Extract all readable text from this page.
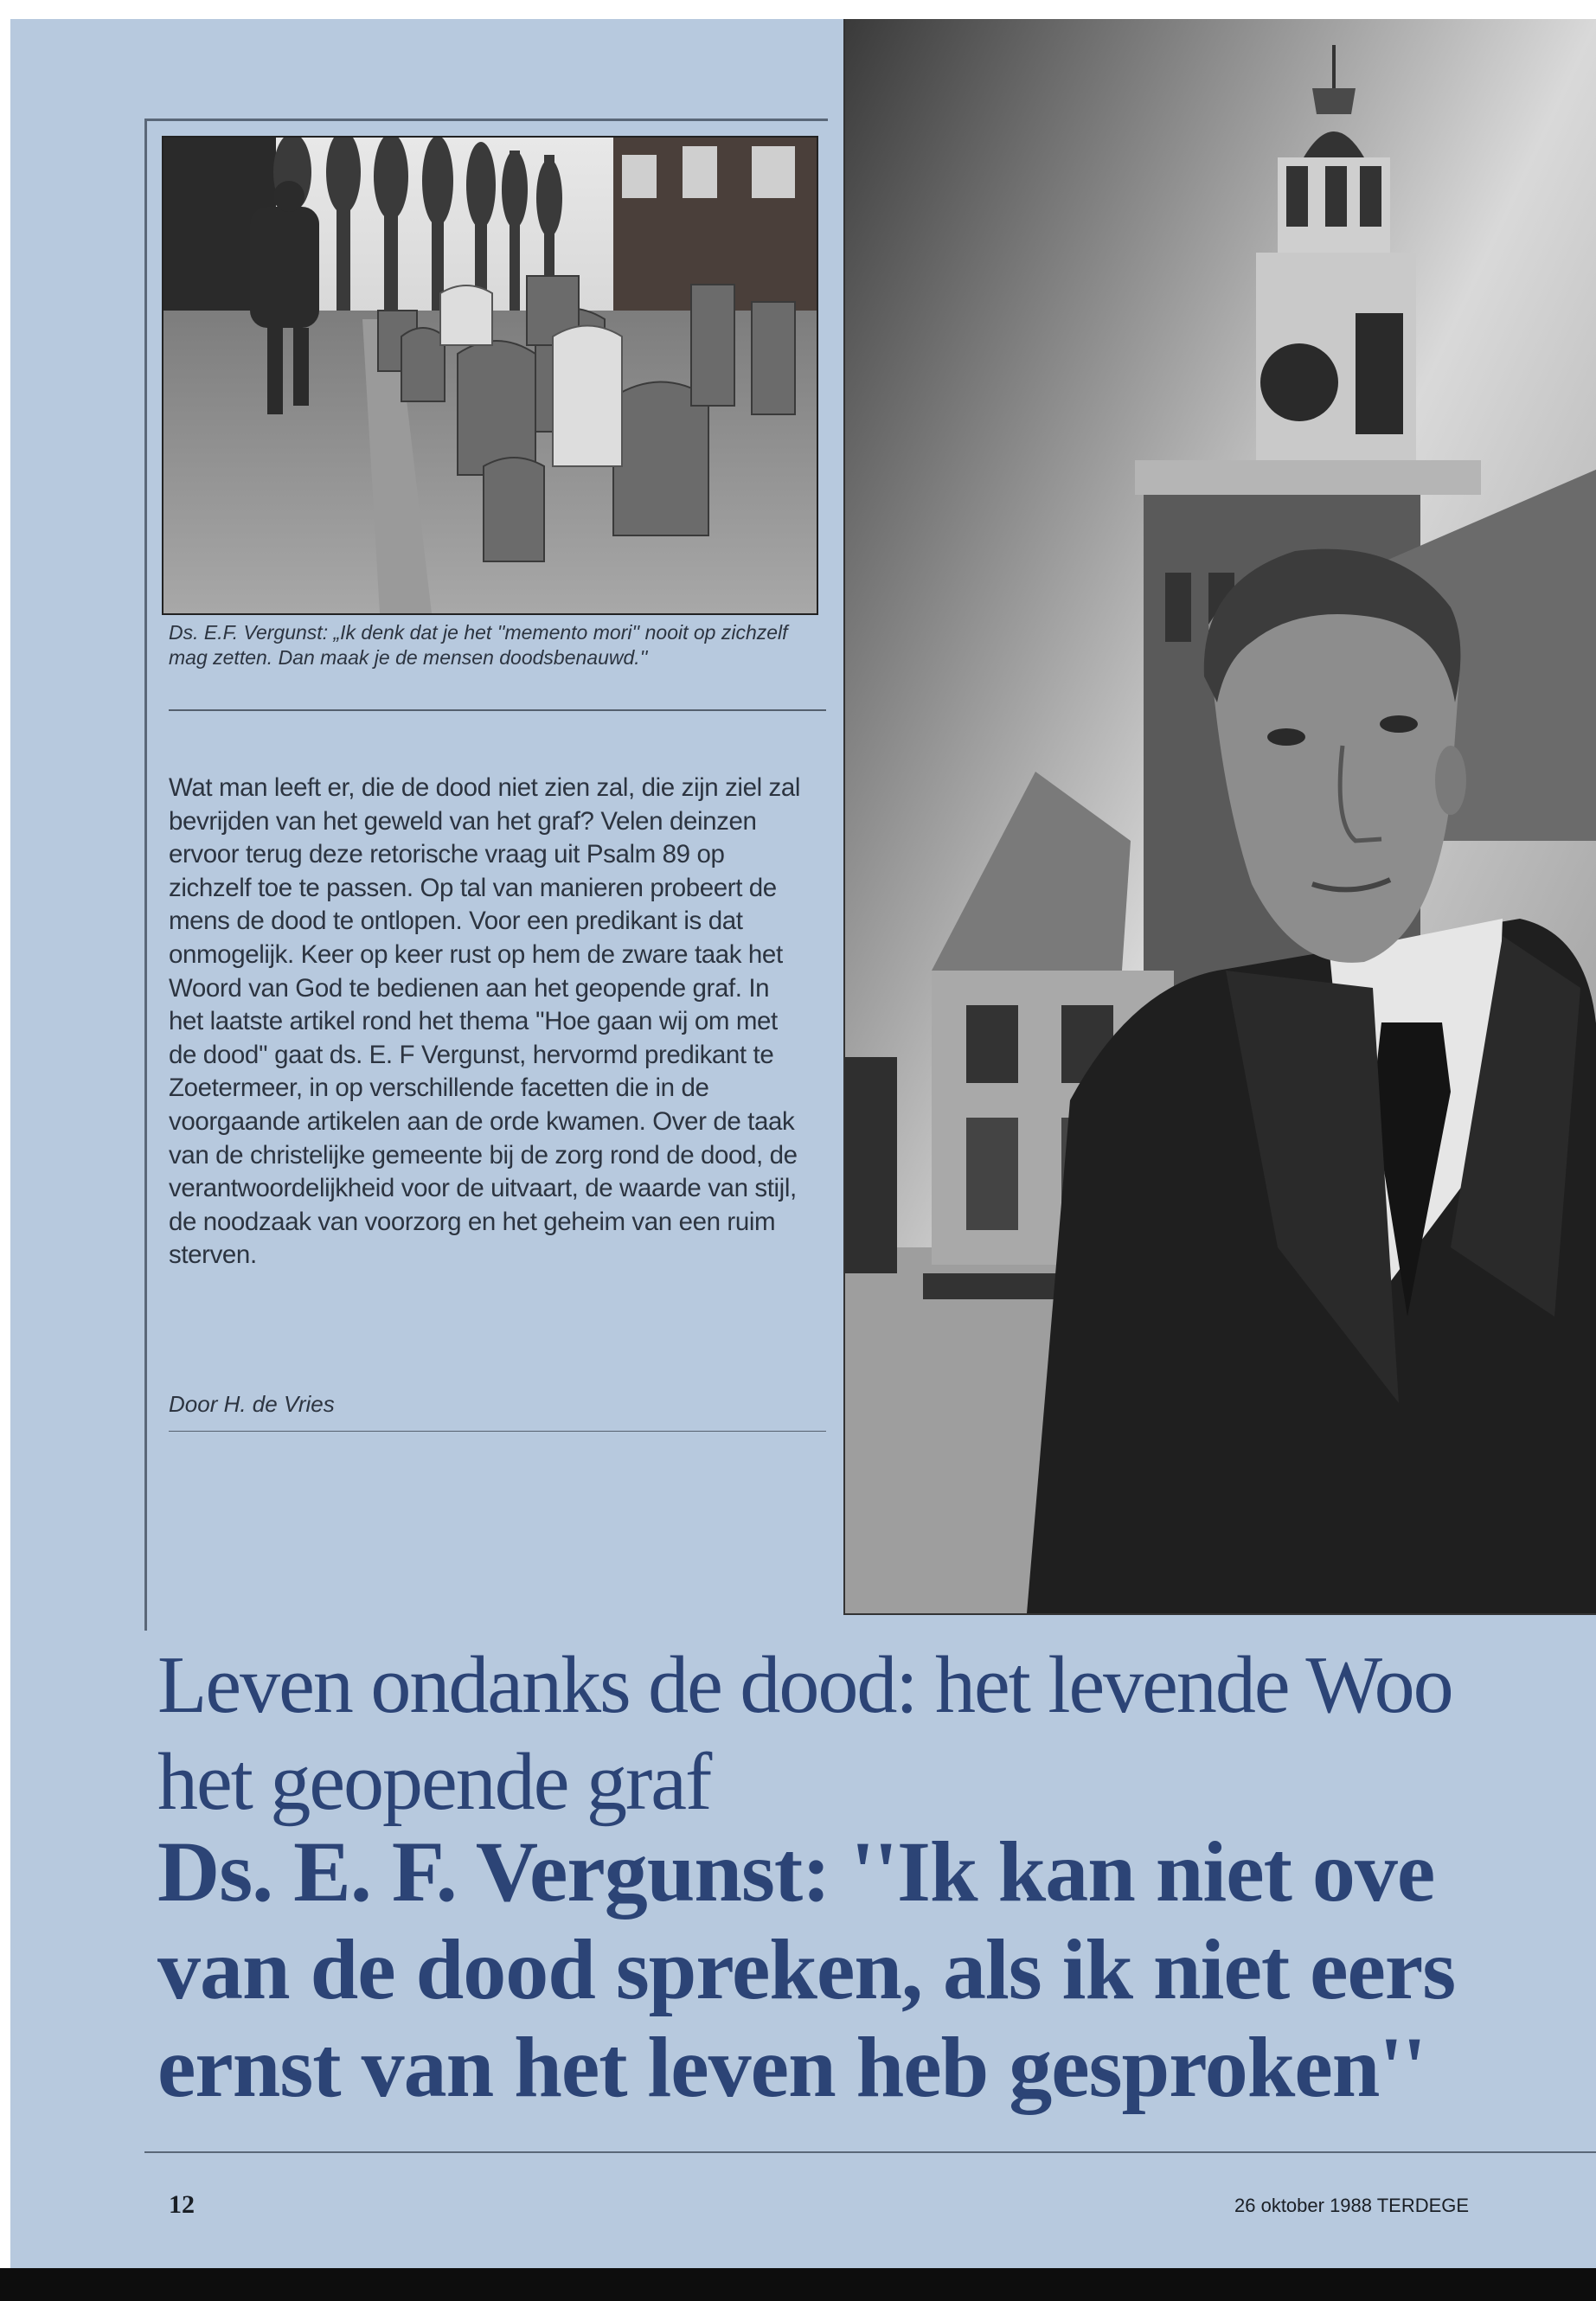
Ds. E.F. Vergunst: „Ik denk dat je het ''memento mori'' nooit op zichzelf mag zetten. Dan maak je de mensen doodsbenauwd.''
Wat man leeft er, die de dood niet zien zal, die zijn ziel zal bevrijden van het geweld van het graf? Velen deinzen ervoor terug deze retorische vraag uit Psalm 89 op zichzelf toe te passen. Op tal van manieren probeert de mens de dood te ontlopen. Voor een predikant is dat onmogelijk. Keer op keer rust op hem de zware taak het Woord van God te bedienen aan het geopende graf. In het laatste artikel rond het thema ''Hoe gaan wij om met de dood'' gaat ds. E. F Vergunst, hervormd predikant te Zoetermeer, in op verschillende facetten die in de voorgaande artikelen aan de orde kwamen. Over de taak van de christelijke gemeente bij de zorg rond de dood, de verantwoordelijkheid voor de uitvaart, de waarde van stijl, de noodzaak van voorzorg en het geheim van een ruim sterven.
Door H. de Vries
Leven ondanks de dood: het levende Woo
het geopende graf
Ds. E. F. Vergunst: ''Ik kan niet ove
van de dood spreken, als ik niet eers
ernst van het leven heb gesproken''
12	26 oktober 1988 TERDEGE
